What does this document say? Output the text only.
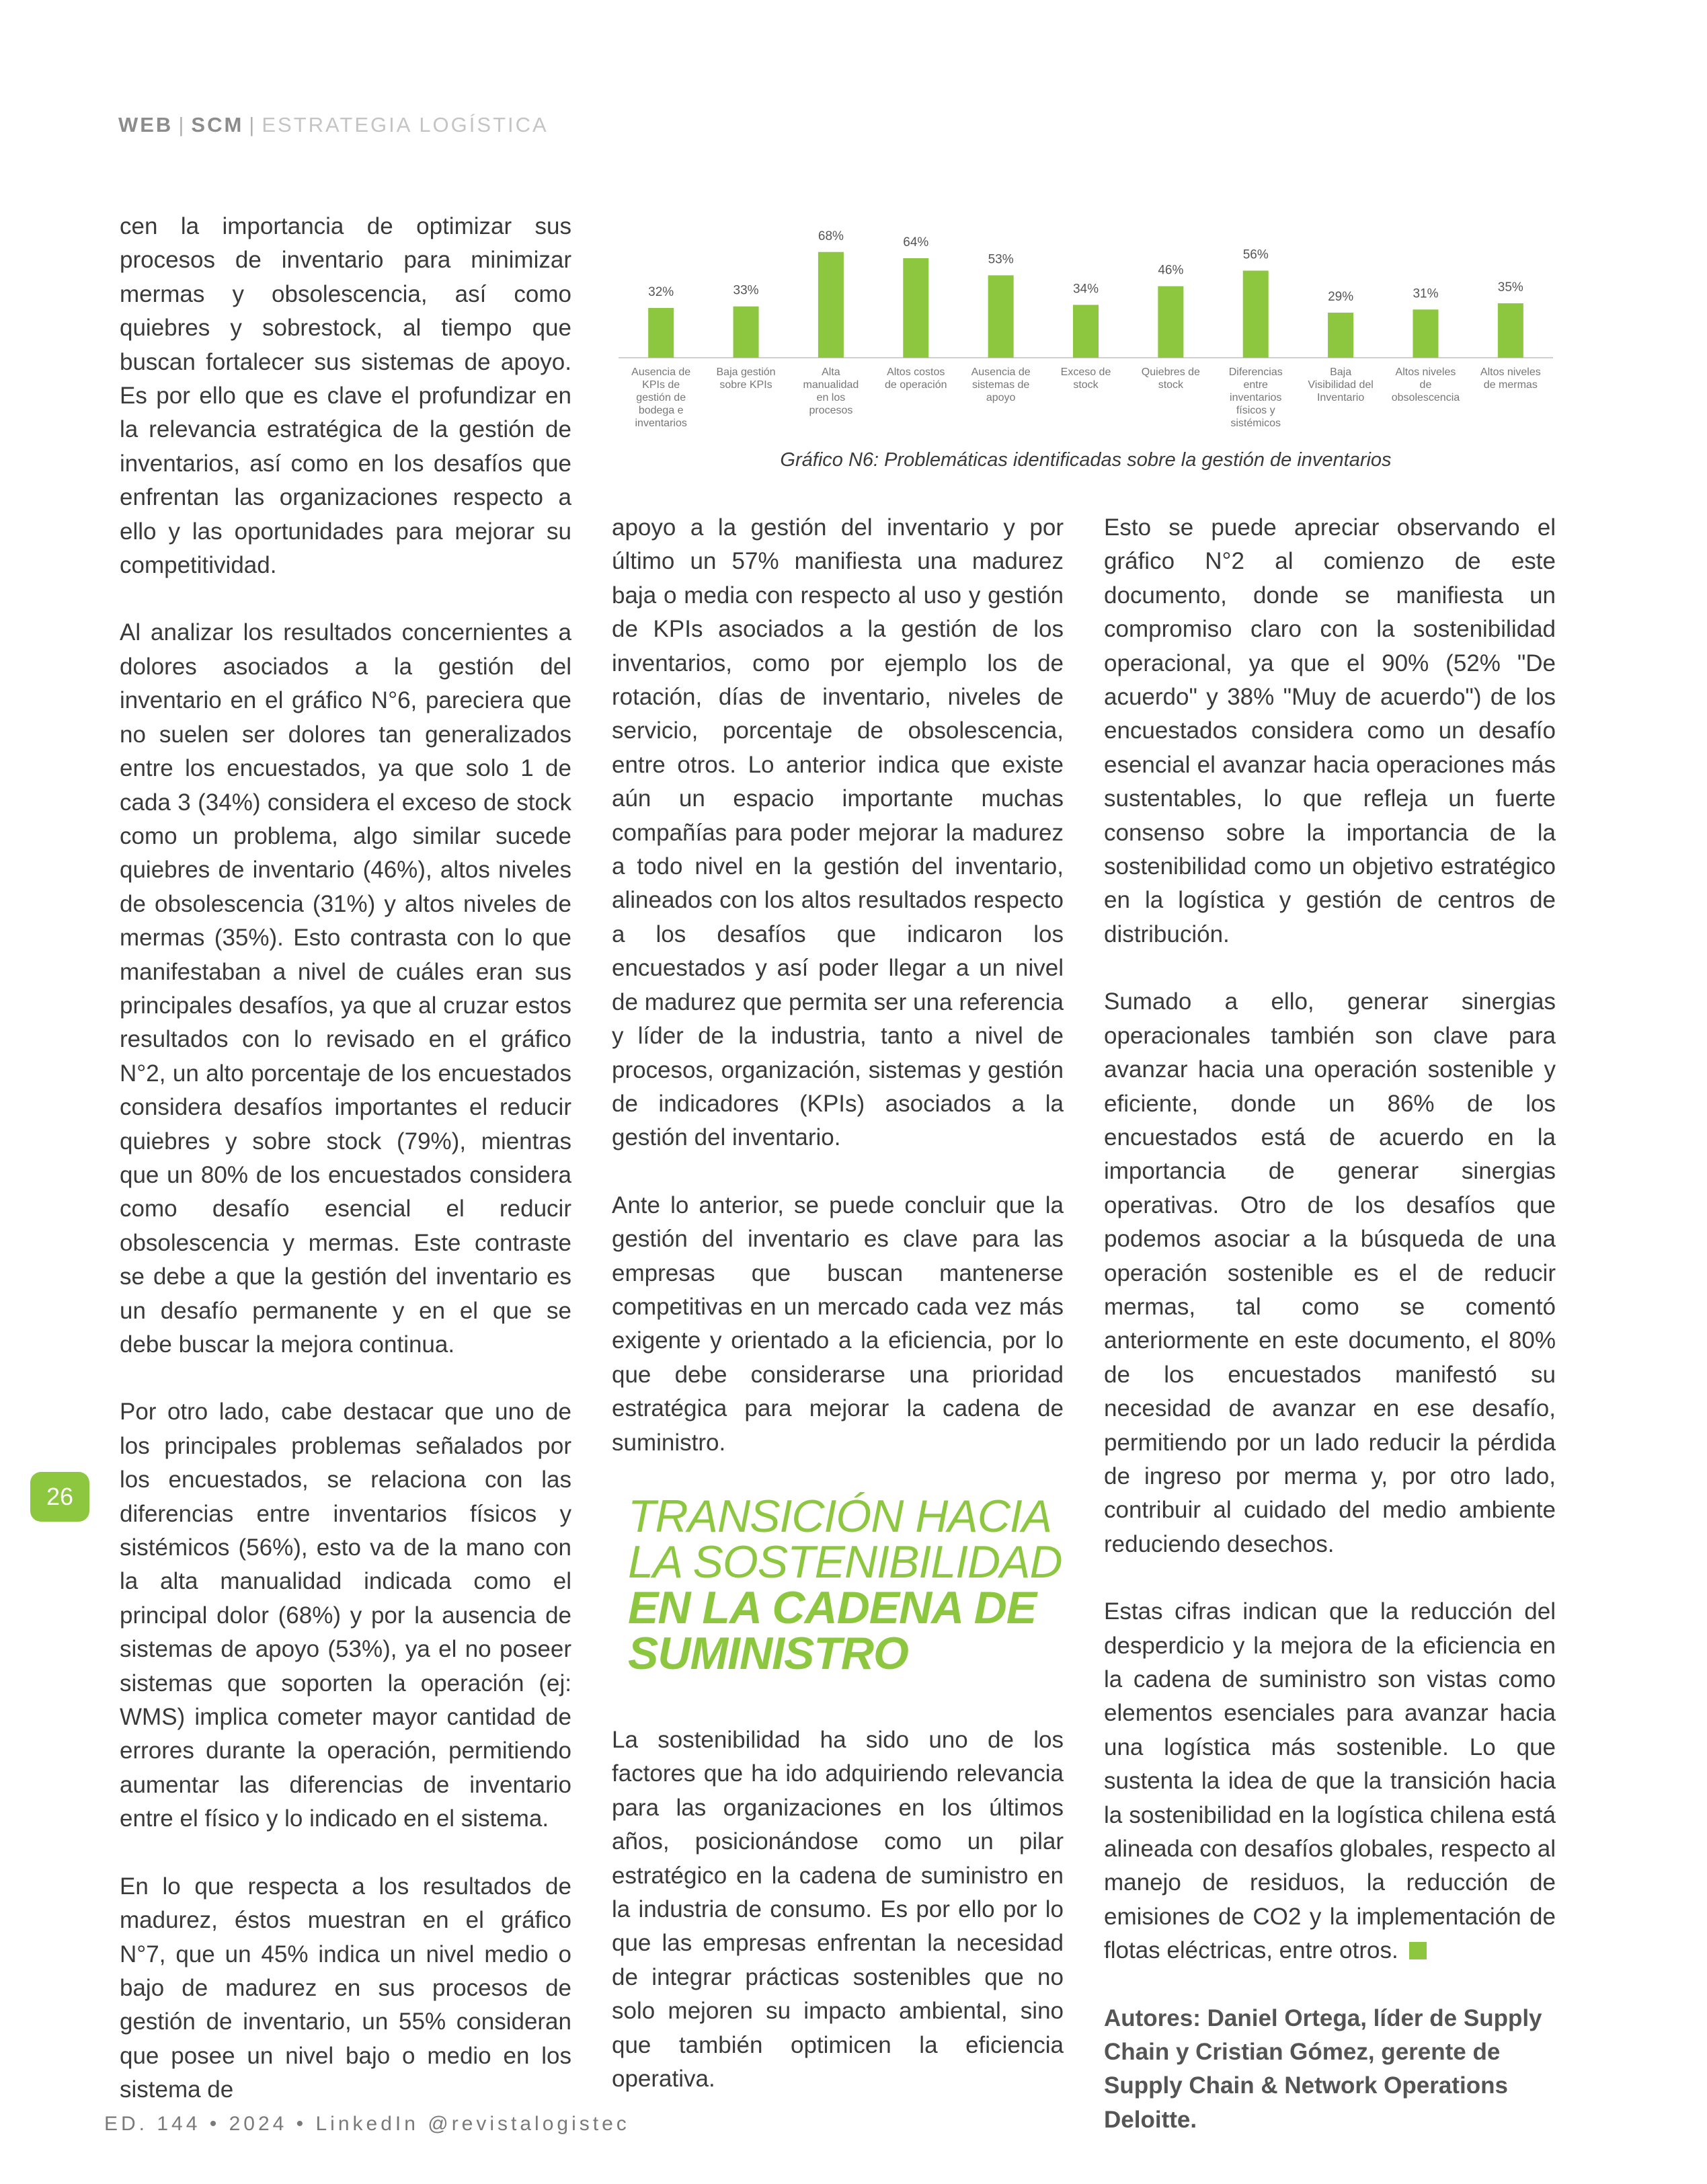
WEB | SCM | ESTRATEGIA LOGÍSTICA
32%
Ausencia de KPIs de gestión de bodega e inventarios
33%
Baja gestión sobre KPIs
68%
Alta manualidad en los procesos
64%
Altos costos de operación
53%
Ausencia de sistemas de apoyo
34%
Exceso de stock
46%
Quiebres de stock
56%
Diferencias entre inventarios físicos y sistémicos
29%
Baja Visibilidad del Inventario
31%
Altos niveles de obsolescencia
35%
Altos niveles de mermas
Gráfico N6: Problemáticas identificadas sobre la gestión de inventarios

cen la importancia de optimizar sus procesos de inventario para minimizar mermas y obsolescencia, así como quiebres y sobrestock, al tiempo que buscan fortalecer sus sistemas de apoyo. Es por ello que es clave el profundizar en la relevancia estratégica de la gestión de inventarios, así como en los desafíos que enfrentan las organizaciones respecto a ello y las oportunidades para mejorar su competitividad.

Al analizar los resultados concernientes a dolores asociados a la gestión del inventario en el gráfico N°6, pareciera que no suelen ser dolores tan generalizados entre los encuestados, ya que solo 1 de cada 3 (34%) considera el exceso de stock como un problema, algo similar sucede quiebres de inventario (46%), altos niveles de obsolescencia (31%) y altos niveles de mermas (35%). Esto contrasta con lo que manifestaban a nivel de cuáles eran sus principales desafíos, ya que al cruzar estos resultados con lo revisado en el gráfico N°2, un alto porcentaje de los encuestados considera desafíos importantes el reducir quiebres y sobre stock (79%), mientras que un 80% de los encuestados considera como desafío esencial el reducir obsolescencia y mermas. Este contraste se debe a que la gestión del inventario es un desafío permanente y en el que se debe buscar la mejora continua.

Por otro lado, cabe destacar que uno de los principales problemas señalados por los encuestados, se relaciona con las diferencias entre inventarios físicos y sistémicos (56%), esto va de la mano con la alta manualidad indicada como el principal dolor (68%) y por la ausencia de sistemas de apoyo (53%), ya el no poseer sistemas que soporten la operación (ej: WMS) implica cometer mayor cantidad de errores durante la operación, permitiendo aumentar las diferencias de inventario entre el físico y lo indicado en el sistema.

En lo que respecta a los resultados de madurez, éstos muestran en el gráfico N°7, que un 45% indica un nivel medio o bajo de madurez en sus procesos de gestión de inventario, un 55% consideran que posee un nivel bajo o medio en los sistema de

apoyo a la gestión del inventario y por último un 57% manifiesta una madurez baja o media con respecto al uso y gestión de KPIs asociados a la gestión de los inventarios, como por ejemplo los de rotación, días de inventario, niveles de servicio, porcentaje de obsolescencia, entre otros. Lo anterior indica que existe aún un espacio importante muchas compañías para poder mejorar la madurez a todo nivel en la gestión del inventario, alineados con los altos resultados respecto a los desafíos que indicaron los encuestados y así poder llegar a un nivel de madurez que permita ser una referencia y líder de la industria, tanto a nivel de procesos, organización, sistemas y gestión de indicadores (KPIs) asociados a la gestión del inventario.

Ante lo anterior, se puede concluir que la gestión del inventario es clave para las empresas que buscan mantenerse competitivas en un mercado cada vez más exigente y orientado a la eficiencia, por lo que debe considerarse una prioridad estratégica para mejorar la cadena de suministro.

TRANSICIÓN HACIA
LA SOSTENIBILIDAD
EN LA CADENA DE
SUMINISTRO

La sostenibilidad ha sido uno de los factores que ha ido adquiriendo relevancia para las organizaciones en los últimos años, posicionándose como un pilar estratégico en la cadena de suministro en la industria de consumo. Es por ello por lo que las empresas enfrentan la necesidad de integrar prácticas sostenibles que no solo mejoren su impacto ambiental, sino que también optimicen la eficiencia operativa.

Esto se puede apreciar observando el gráfico N°2 al comienzo de este documento, donde se manifiesta un compromiso claro con la sostenibilidad operacional, ya que el 90% (52% "De acuerdo" y 38% "Muy de acuerdo") de los encuestados considera como un desafío esencial el avanzar hacia operaciones más sustentables, lo que refleja un fuerte consenso sobre la importancia de la sostenibilidad como un objetivo estratégico en la logística y gestión de centros de distribución.

Sumado a ello, generar sinergias operacionales también son clave para avanzar hacia una operación sostenible y eficiente, donde un 86% de los encuestados está de acuerdo en la importancia de generar sinergias operativas. Otro de los desafíos que podemos asociar a la búsqueda de una operación sostenible es el de reducir mermas, tal como se comentó anteriormente en este documento, el 80% de los encuestados manifestó su necesidad de avanzar en ese desafío, permitiendo por un lado reducir la pérdida de ingreso por merma y, por otro lado, contribuir al cuidado del medio ambiente reduciendo desechos.

Estas cifras indican que la reducción del desperdicio y la mejora de la eficiencia en la cadena de suministro son vistas como elementos esenciales para avanzar hacia una logística más sostenible. Lo que sustenta la idea de que la transición hacia la sostenibilidad en la logística chilena está alineada con desafíos globales, respecto al manejo de residuos, la reducción de emisiones de CO2 y la implementación de flotas eléctricas, entre otros.

Autores: Daniel Ortega, líder de Supply Chain y Cristian Gómez, gerente de Supply Chain & Network Operations Deloitte.

26
ED. 144 • 2024 • LinkedIn @revistalogistec
